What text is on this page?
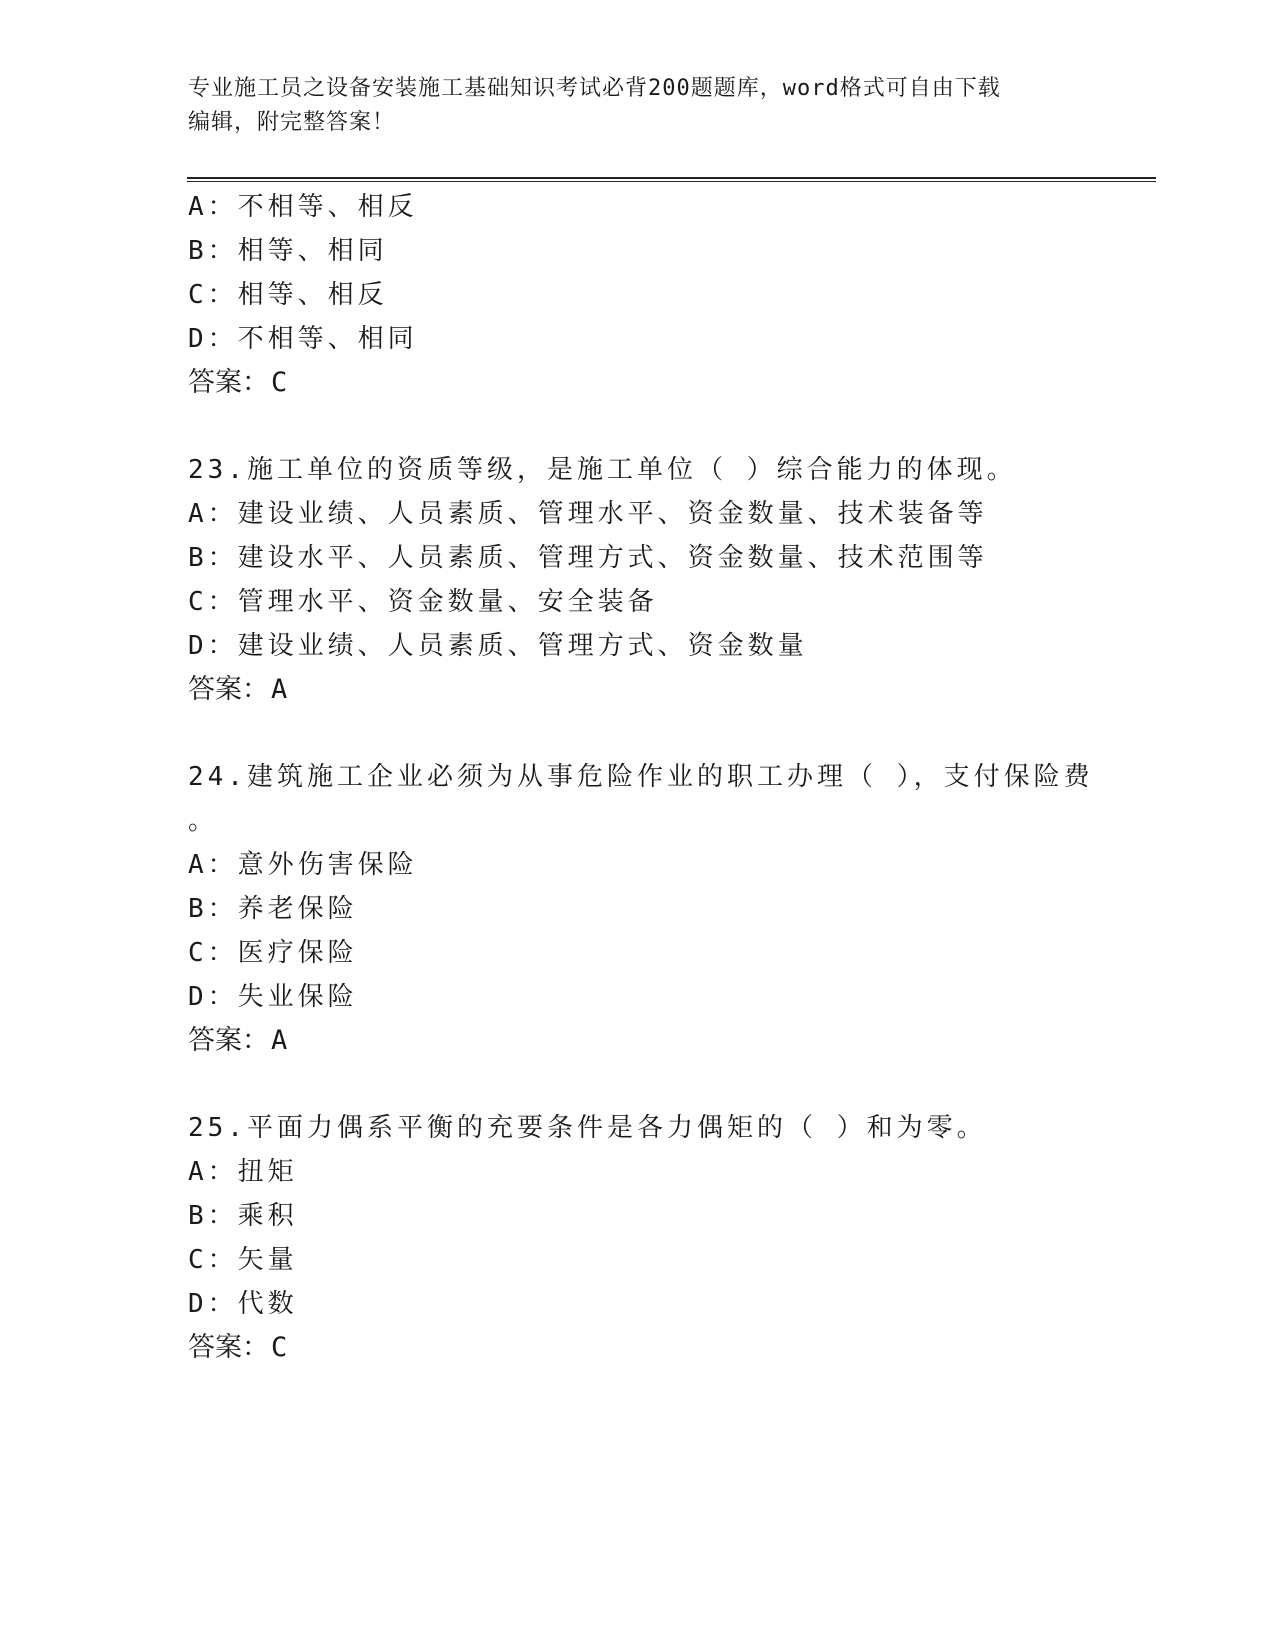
专业施工员之设备安装施工基础知识考试必背200题题库，word格式可自由下载
编辑，附完整答案！
A：不相等、相反
B：相等、相同
C：相等、相反
D：不相等、相同
答案：C
23.施工单位的资质等级，是施工单位（ ）综合能力的体现。
A：建设业绩、人员素质、管理水平、资金数量、技术装备等
B：建设水平、人员素质、管理方式、资金数量、技术范围等
C：管理水平、资金数量、安全装备
D：建设业绩、人员素质、管理方式、资金数量
答案：A
24.建筑施工企业必须为从事危险作业的职工办理（ ），支付保险费
。
A：意外伤害保险
B：养老保险
C：医疗保险
D：失业保险
答案：A
25.平面力偶系平衡的充要条件是各力偶矩的（ ）和为零。
A：扭矩
B：乘积
C：矢量
D：代数
答案：C
